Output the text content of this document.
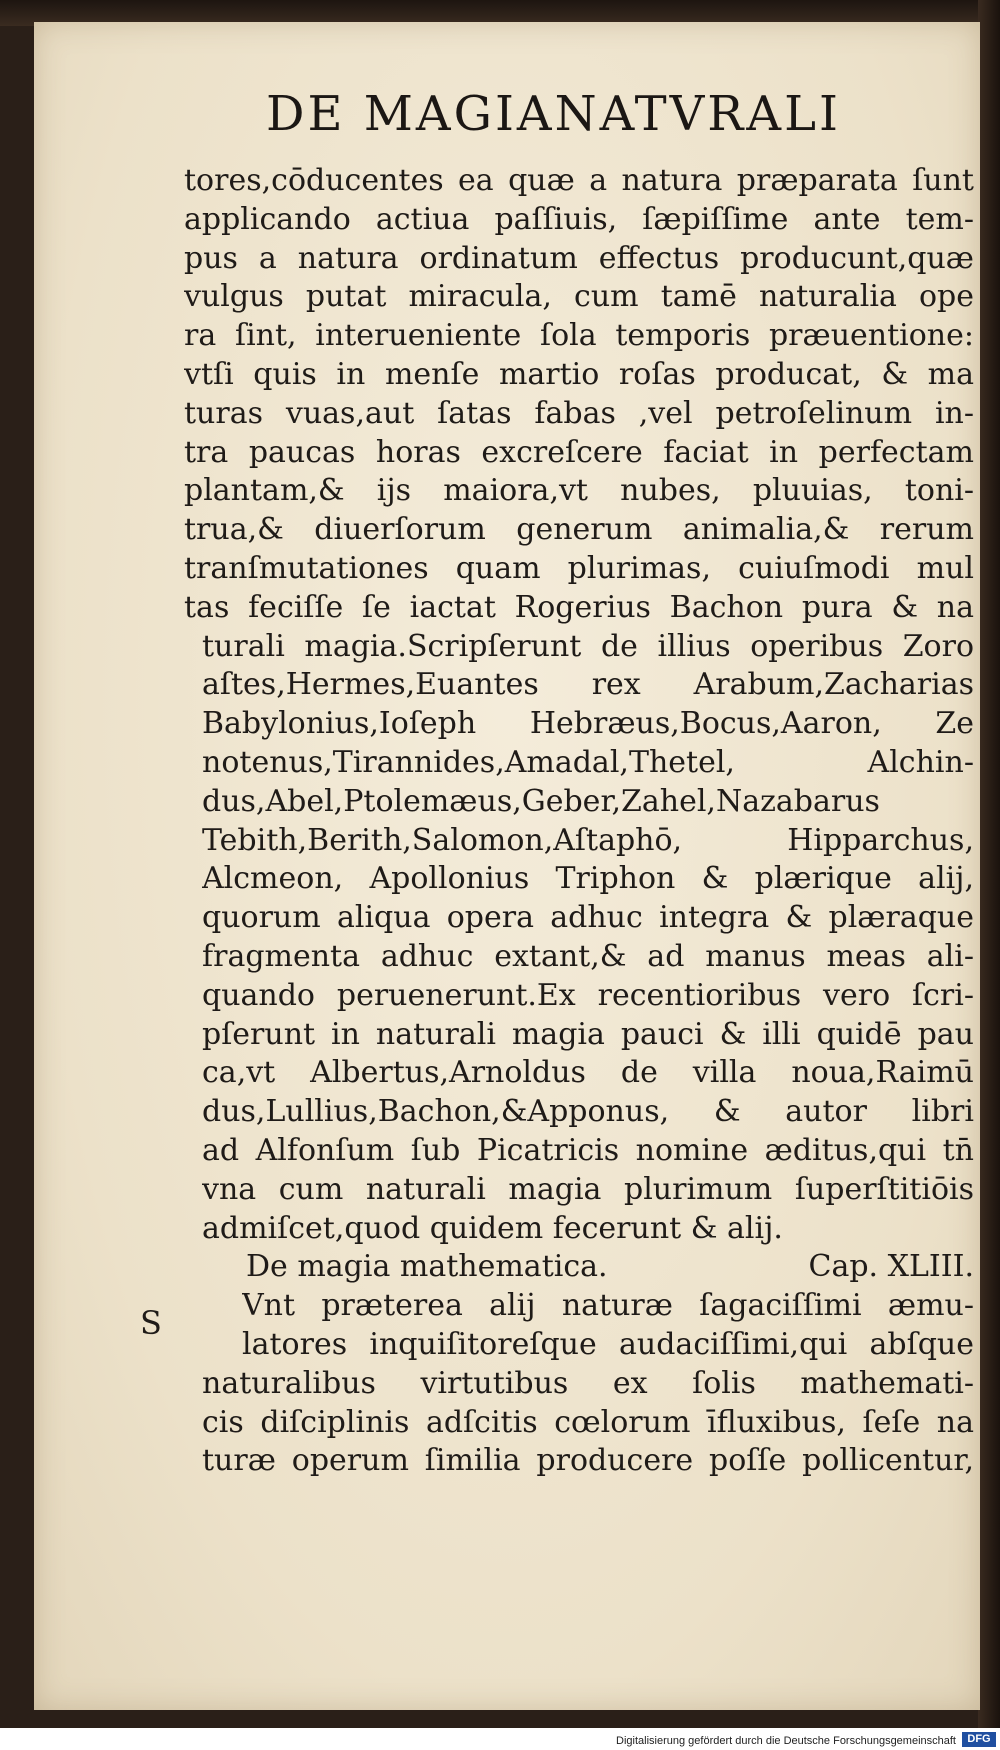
DE MAGIANATVRALI
tores,cōducentes ea quæ a natura præparata ſunt
applicando actiua paſſiuis, ſæpiſſime ante tem-
pus a natura ordinatum effectus producunt,quæ
vulgus putat miracula, cum tamē naturalia ope
ra ſint, interueniente ſola temporis præuentione:
vtſi quis in menſe martio roſas producat, & ma
turas vuas,aut ſatas fabas ,vel petroſelinum in-
tra paucas horas excreſcere faciat in perfectam
plantam,& ijs maiora,vt nubes, pluuias, toni-
trua,& diuerſorum generum animalia,& rerum
tranſmutationes quam plurimas, cuiuſmodi mul
tas feciſſe ſe iactat Rogerius Bachon pura & na
turali magia.Scripſerunt de illius operibus Zoro
aſtes,Hermes,Euantes rex Arabum,Zacharias
Babylonius,Ioſeph Hebræus,Bocus,Aaron, Ze
notenus,Tirannides,Amadal,Thetel, Alchin-
dus,Abel,Ptolemæus,Geber,Zahel,Nazabarus
Tebith,Berith,Salomon,Aſtaphō, Hipparchus,
Alcmeon, Apollonius Triphon & plærique alij,
quorum aliqua opera adhuc integra & plæraque
fragmenta adhuc extant,& ad manus meas ali-
quando peruenerunt.Ex recentioribus vero ſcri-
pſerunt in naturali magia pauci & illi quidē pau
ca,vt Albertus,Arnoldus de villa noua,Raimū
dus,Lullius,Bachon,&Apponus, & autor libri
ad Alfonſum ſub Picatricis nomine æditus,qui tn̄
vna cum naturali magia plurimum ſuperſtitiōis
admiſcet,quod quidem fecerunt & alij.
De magia mathematica.	Cap. XLIII.
Vnt præterea alij naturæ ſagaciſſimi æmu-
latores inquiſitoreſque audaciſſimi,qui abſque
naturalibus virtutibus ex ſolis mathemati-
cis diſciplinis adſcitis cœlorum īfluxibus, ſeſe na
turæ operum ſimilia producere poſſe pollicentur,
S
Digitalisierung gefördert durch die Deutsche Forschungsgemeinschaft	DFG
